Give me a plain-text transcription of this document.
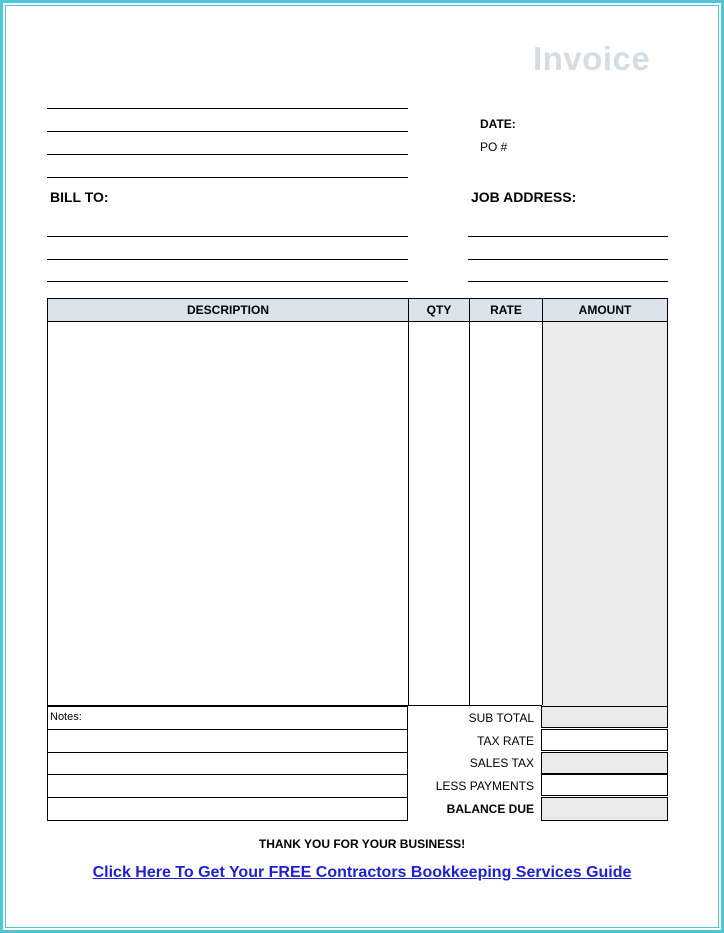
Invoice
DATE:
PO #
BILL TO:	JOB ADDRESS:
DESCRIPTION	QTY	RATE	AMOUNT
Notes:	SUB TOTAL
TAX RATE
SALES TAX
LESS PAYMENTS
BALANCE DUE
THANK YOU FOR YOUR BUSINESS!
Click Here To Get Your FREE Contractors Bookkeeping Services Guide
